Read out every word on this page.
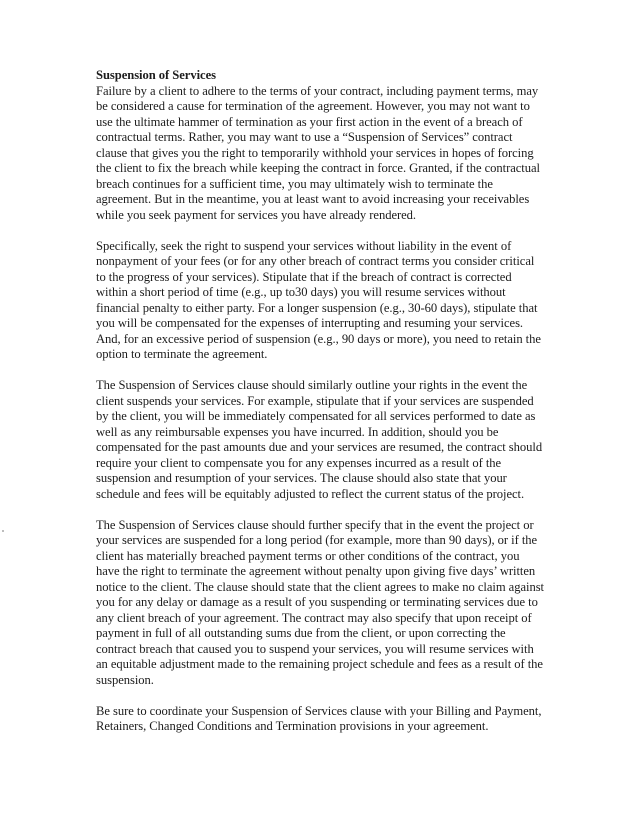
Suspension of Services
Failure by a client to adhere to the terms of your contract, including payment terms, may
be considered a cause for termination of the agreement. However, you may not want to
use the ultimate hammer of termination as your first action in the event of a breach of
contractual terms. Rather, you may want to use a “Suspension of Services” contract
clause that gives you the right to temporarily withhold your services in hopes of forcing
the client to fix the breach while keeping the contract in force. Granted, if the contractual
breach continues for a sufficient time, you may ultimately wish to terminate the
agreement. But in the meantime, you at least want to avoid increasing your receivables
while you seek payment for services you have already rendered.
Specifically, seek the right to suspend your services without liability in the event of
nonpayment of your fees (or for any other breach of contract terms you consider critical
to the progress of your services). Stipulate that if the breach of contract is corrected
within a short period of time (e.g., up to30 days) you will resume services without
financial penalty to either party. For a longer suspension (e.g., 30-60 days), stipulate that
you will be compensated for the expenses of interrupting and resuming your services.
And, for an excessive period of suspension (e.g., 90 days or more), you need to retain the
option to terminate the agreement.
The Suspension of Services clause should similarly outline your rights in the event the
client suspends your services. For example, stipulate that if your services are suspended
by the client, you will be immediately compensated for all services performed to date as
well as any reimbursable expenses you have incurred. In addition, should you be
compensated for the past amounts due and your services are resumed, the contract should
require your client to compensate you for any expenses incurred as a result of the
suspension and resumption of your services. The clause should also state that your
schedule and fees will be equitably adjusted to reflect the current status of the project.
The Suspension of Services clause should further specify that in the event the project or
your services are suspended for a long period (for example, more than 90 days), or if the
client has materially breached payment terms or other conditions of the contract, you
have the right to terminate the agreement without penalty upon giving five days’ written
notice to the client. The clause should state that the client agrees to make no claim against
you for any delay or damage as a result of you suspending or terminating services due to
any client breach of your agreement. The contract may also specify that upon receipt of
payment in full of all outstanding sums due from the client, or upon correcting the
contract breach that caused you to suspend your services, you will resume services with
an equitable adjustment made to the remaining project schedule and fees as a result of the
suspension.
Be sure to coordinate your Suspension of Services clause with your Billing and Payment,
Retainers, Changed Conditions and Termination provisions in your agreement.
